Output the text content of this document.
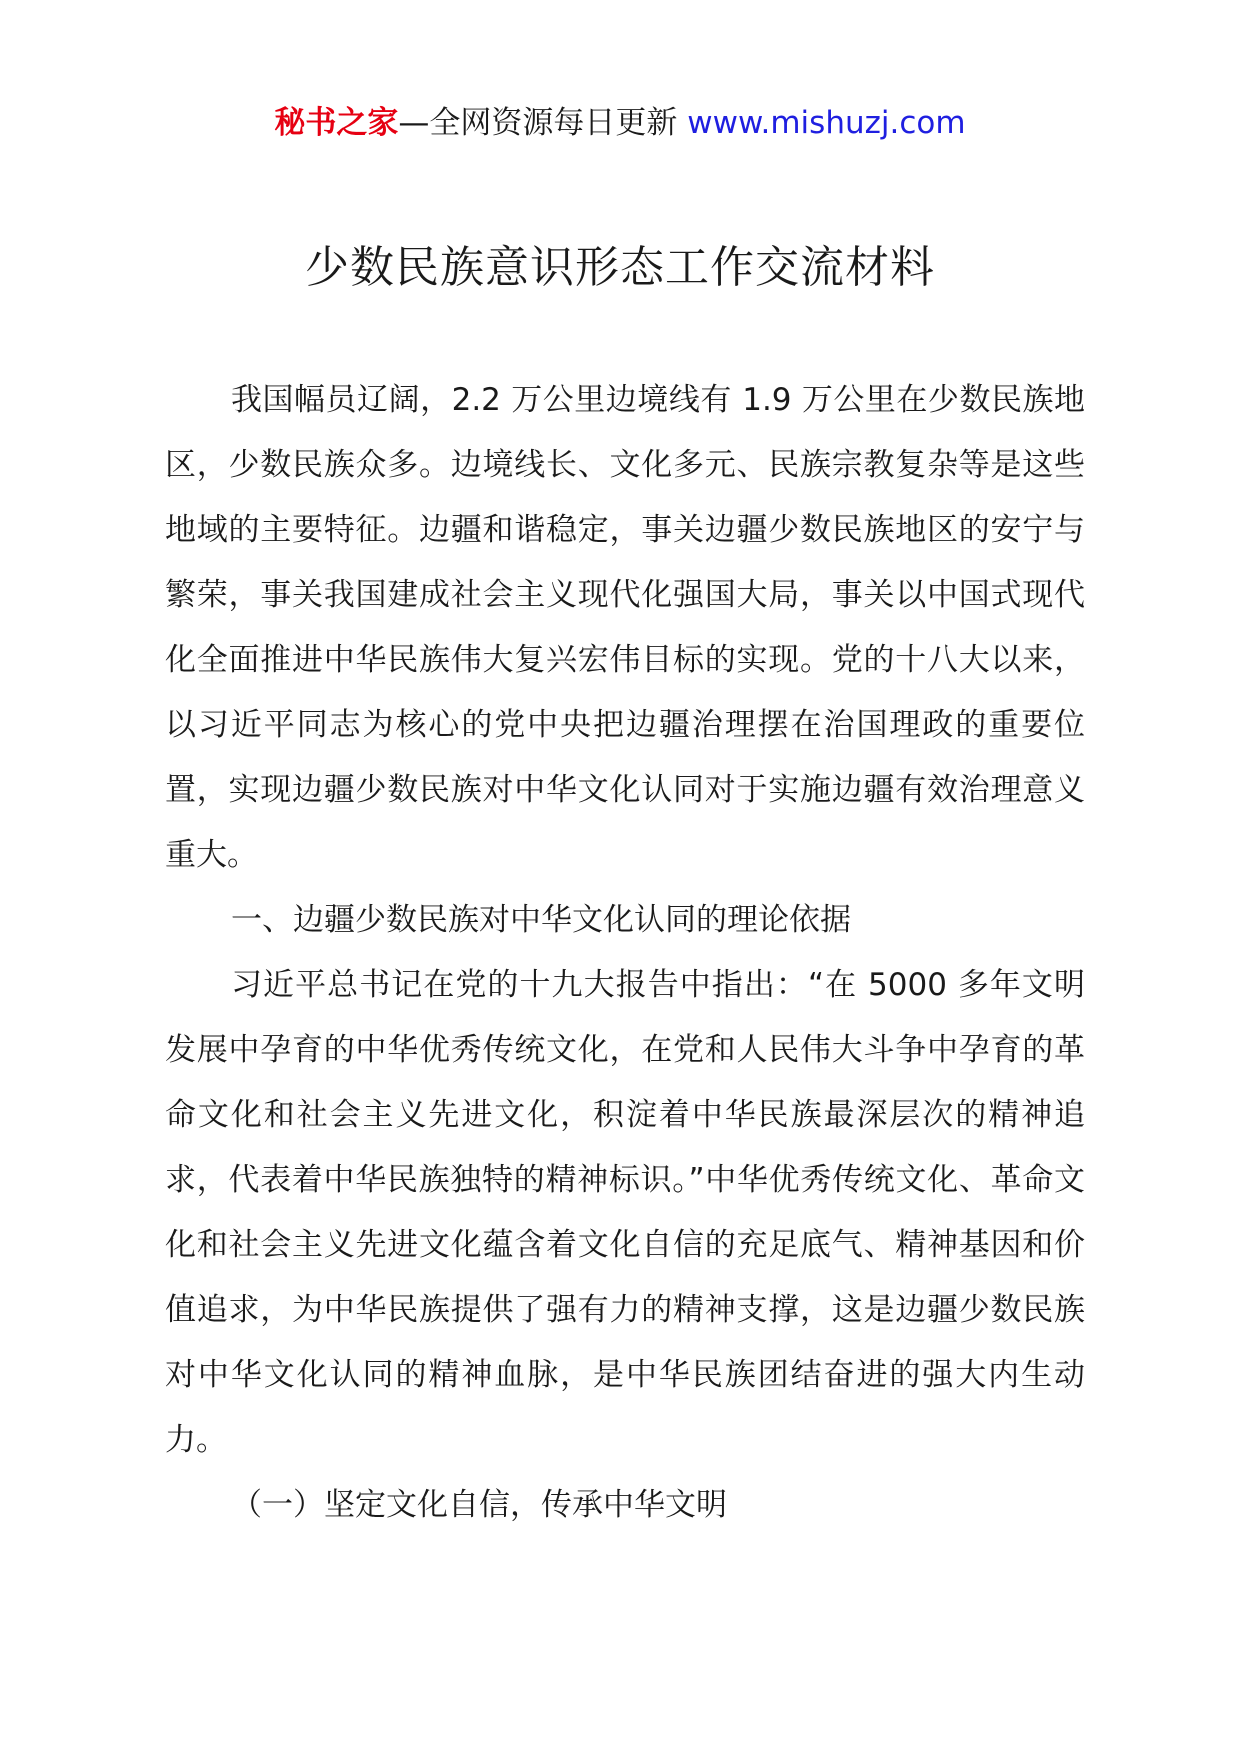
秘书之家—全网资源每日更新 www.mishuzj.com
少数民族意识形态工作交流材料

我国幅员辽阔，2.2 万公里边境线有 1.9 万公里在少数民族地区，少数民族众多。边境线长、文化多元、民族宗教复杂等是这些地域的主要特征。边疆和谐稳定，事关边疆少数民族地区的安宁与繁荣，事关我国建成社会主义现代化强国大局，事关以中国式现代化全面推进中华民族伟大复兴宏伟目标的实现。党的十八大以来，以习近平同志为核心的党中央把边疆治理摆在治国理政的重要位置，实现边疆少数民族对中华文化认同对于实施边疆有效治理意义重大。

一、边疆少数民族对中华文化认同的理论依据

习近平总书记在党的十九大报告中指出：“在 5000 多年文明发展中孕育的中华优秀传统文化，在党和人民伟大斗争中孕育的革命文化和社会主义先进文化，积淀着中华民族最深层次的精神追求，代表着中华民族独特的精神标识。”中华优秀传统文化、革命文化和社会主义先进文化蕴含着文化自信的充足底气、精神基因和价值追求，为中华民族提供了强有力的精神支撑，这是边疆少数民族对中华文化认同的精神血脉，是中华民族团结奋进的强大内生动力。

（一）坚定文化自信，传承中华文明
